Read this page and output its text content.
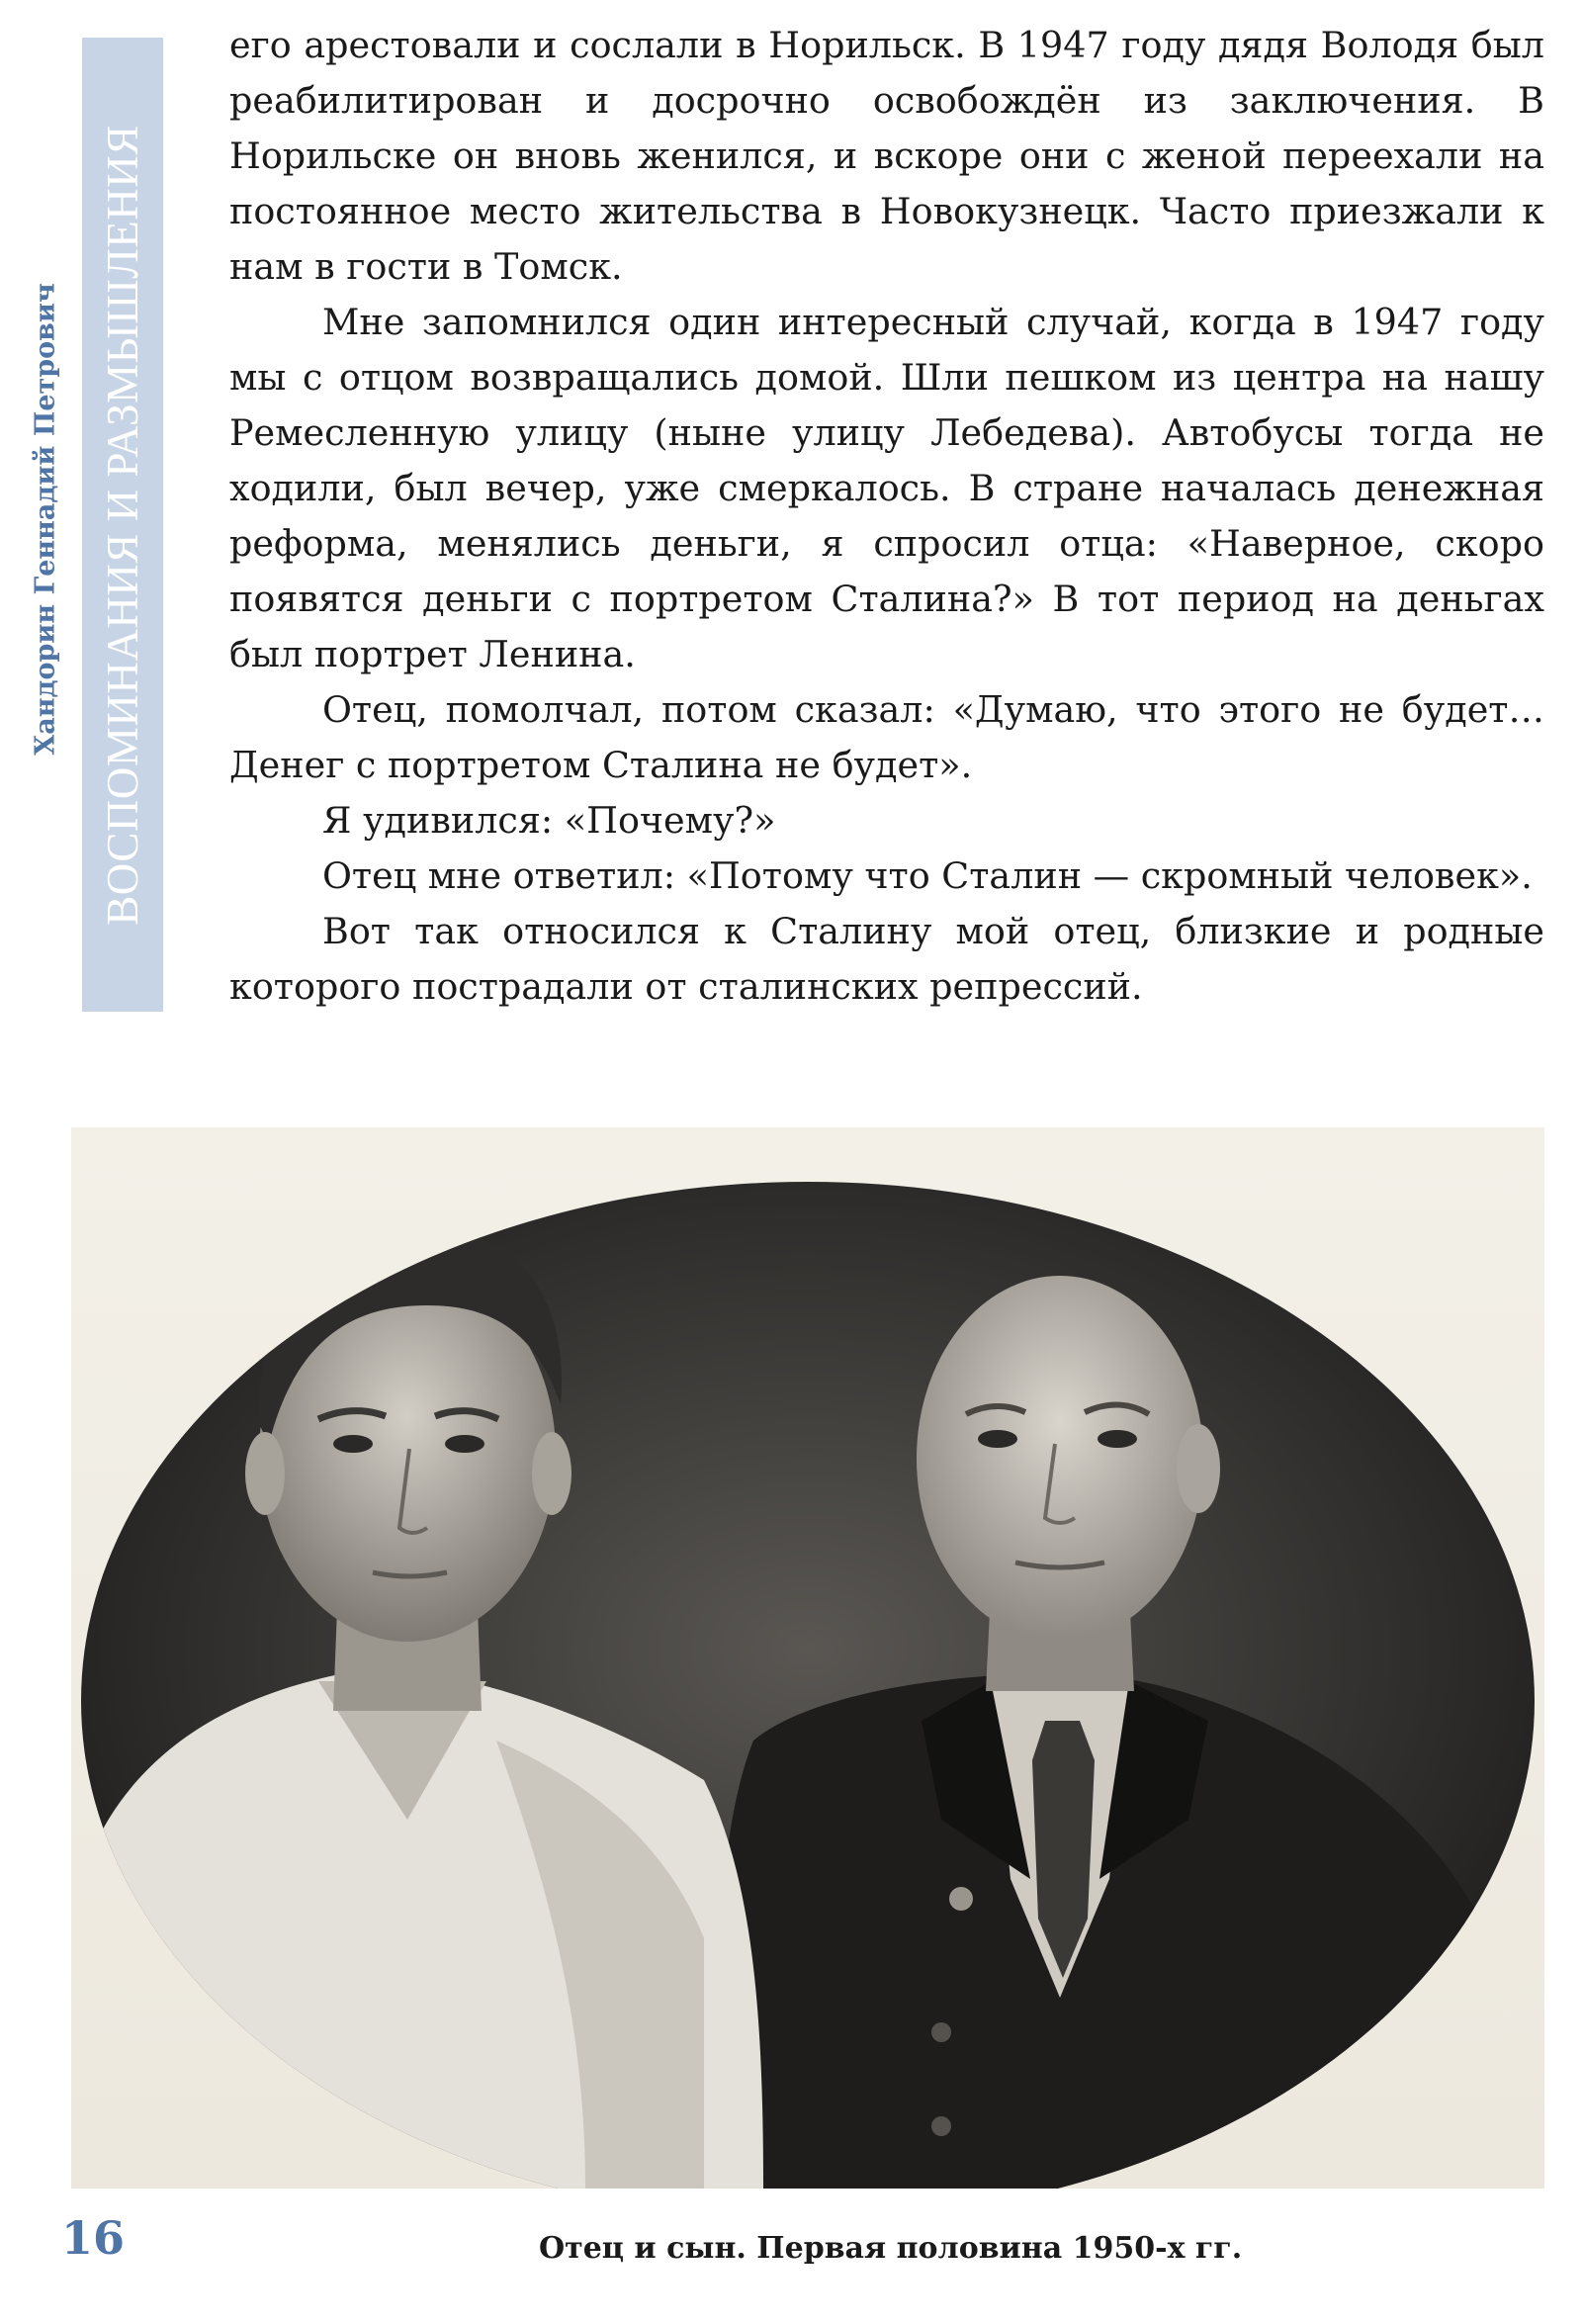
ВОСПОМИНАНИЯ И РАЗМЫШЛЕНИЯ
Хандорин Геннадий Петрович

его арестовали и сослали в Норильск. В 1947 году дядя Володя был реабилитирован и досрочно освобождён из заключения. В Норильске он вновь женился, и вскоре они с женой переехали на постоянное место жительства в Новокузнецк. Часто приезжали к нам в гости в Томск.

Мне запомнился один интересный случай, когда в 1947 году мы с отцом возвращались домой. Шли пешком из центра на нашу Ремесленную улицу (ныне улицу Лебедева). Автобусы тогда не ходили, был вечер, уже смеркалось. В стране началась денежная реформа, менялись деньги, я спросил отца: «Наверное, скоро появятся деньги с портретом Сталина?» В тот период на деньгах был портрет Ленина.

Отец, помолчал, потом сказал: «Думаю, что этого не будет… Денег с портретом Сталина не будет».

Я удивился: «Почему?»

Отец мне ответил: «Потому что Сталин — скромный человек».

Вот так относился к Сталину мой отец, близкие и родные которого пострадали от сталинских репрессий.

16	Отец и сын. Первая половина 1950-х гг.
